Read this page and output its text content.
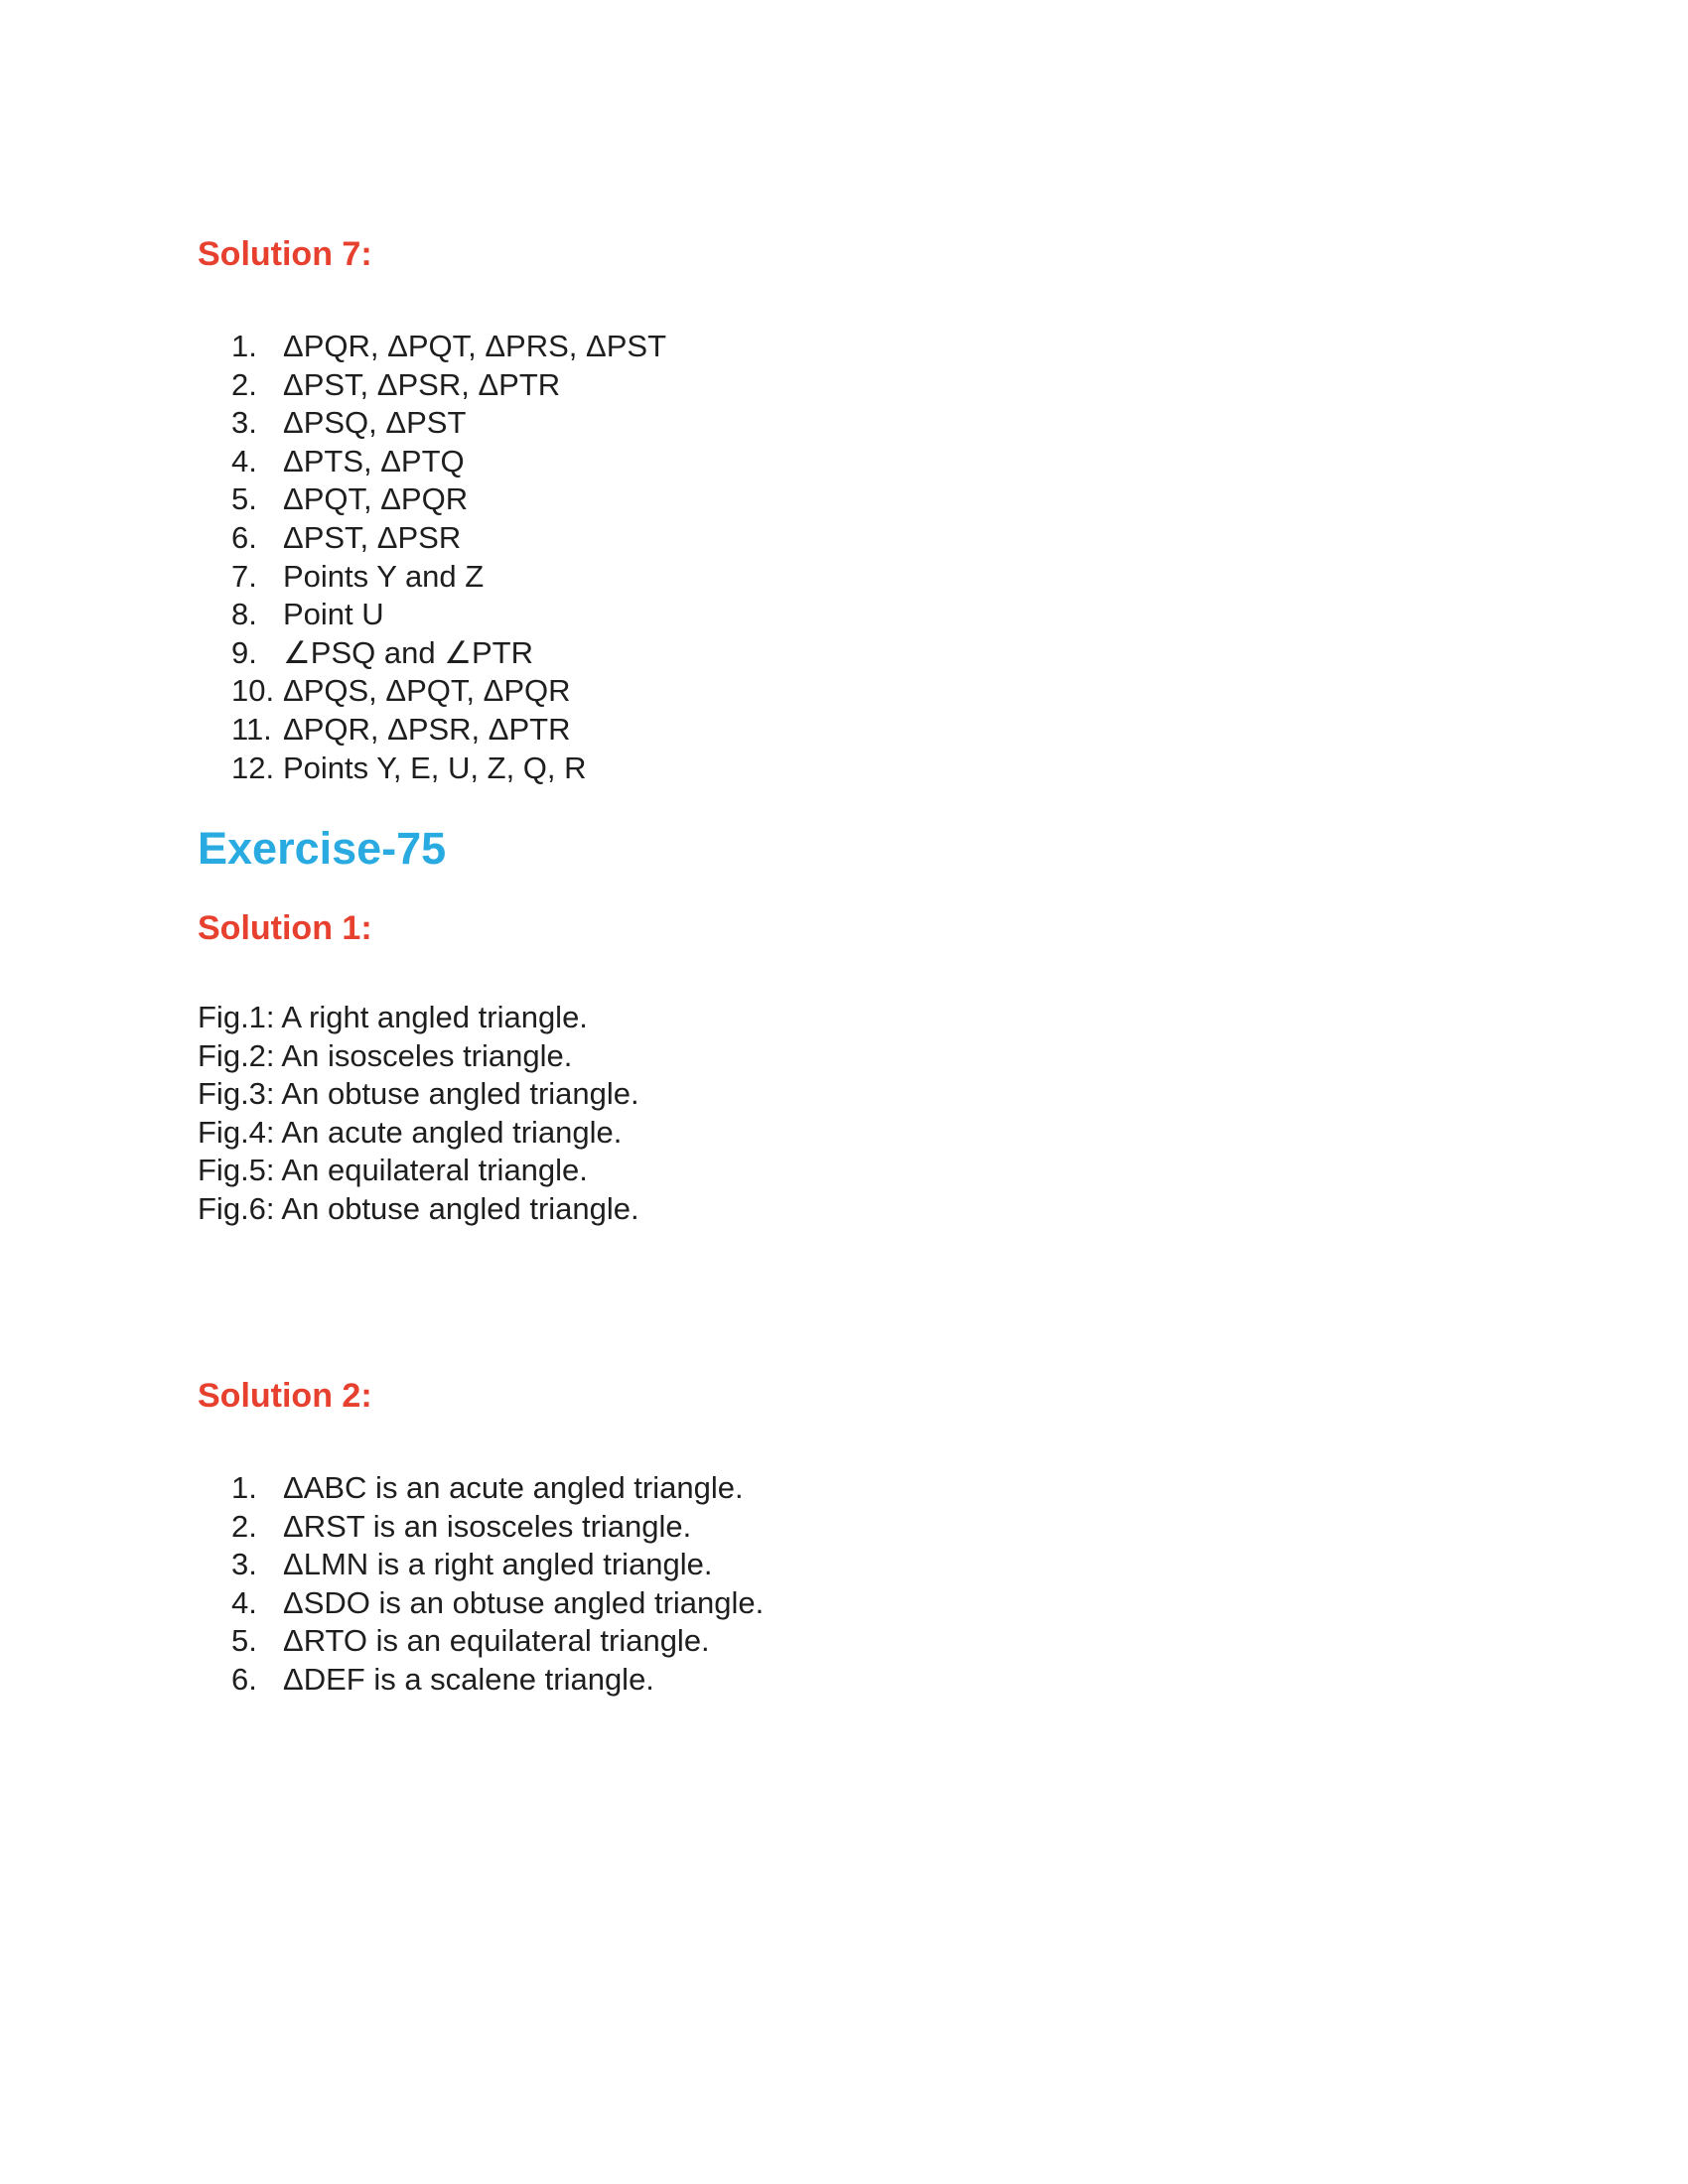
Solution 7:
1. ΔPQR, ΔPQT, ΔPRS, ΔPST
2. ΔPST, ΔPSR, ΔPTR
3. ΔPSQ, ΔPST
4. ΔPTS, ΔPTQ
5. ΔPQT, ΔPQR
6. ΔPST, ΔPSR
7. Points Y and Z
8. Point U
9. ∠PSQ and ∠PTR
10. ΔPQS, ΔPQT, ΔPQR
11. ΔPQR, ΔPSR, ΔPTR
12. Points Y, E, U, Z, Q, R
Exercise-75
Solution 1:
Fig.1: A right angled triangle.
Fig.2: An isosceles triangle.
Fig.3: An obtuse angled triangle.
Fig.4: An acute angled triangle.
Fig.5: An equilateral triangle.
Fig.6: An obtuse angled triangle.
Solution 2:
1. ΔABC is an acute angled triangle.
2. ΔRST is an isosceles triangle.
3. ΔLMN is a right angled triangle.
4. ΔSDO is an obtuse angled triangle.
5. ΔRTO is an equilateral triangle.
6. ΔDEF is a scalene triangle.
